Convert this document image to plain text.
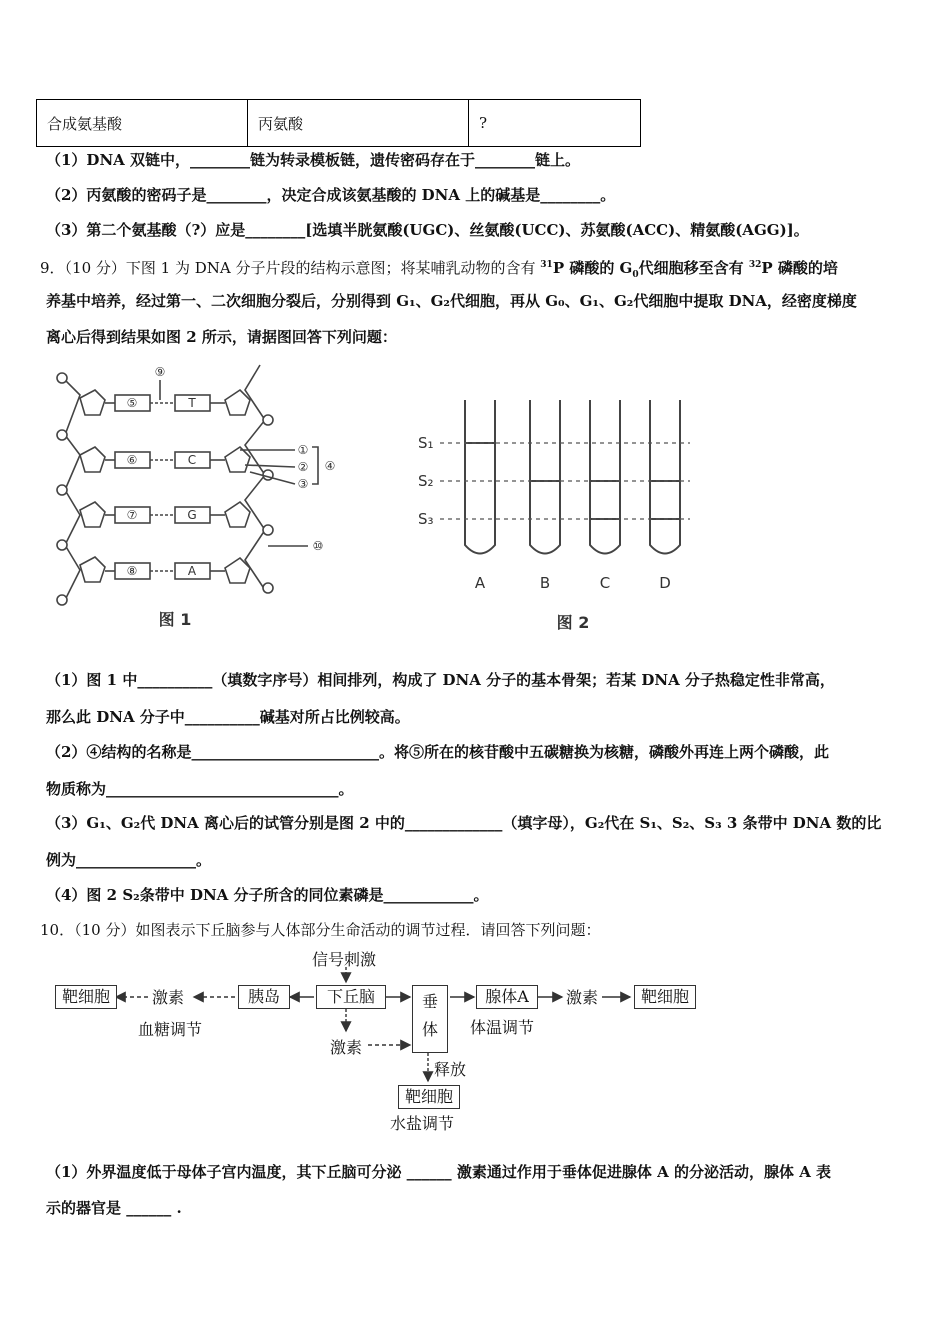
合成氨基酸	丙氨酸	?
（1）DNA 双链中，________链为转录模板链，遗传密码存在于________链上。
（2）丙氨酸的密码子是________，决定合成该氨基酸的 DNA 上的碱基是________。
（3）第二个氨基酸（?）应是________[选填半胱氨酸(UGC)、丝氨酸(UCC)、苏氨酸(ACC)、精氨酸(AGG)]。
9．（10 分）下图 1 为 DNA 分子片段的结构示意图；将某哺乳动物的含有 $^{31}$P 磷酸的 $G_0$代细胞移至含有 $^{32}$P 磷酸的培
养基中培养，经过第一、二次细胞分裂后，分别得到 G₁、G₂代细胞，再从 G₀、G₁、G₂代细胞中提取 DNA，经密度梯度
离心后得到结果如图 2 所示，请据图回答下列问题：
⑤	T
⑥	C
⑦	G
⑧	A
⑨
①
②
③
④
⑩
图 1
S₁
S₂
S₃
A	B	C	D
图 2
（1）图 1 中__________（填数字序号）相间排列，构成了 DNA 分子的基本骨架；若某 DNA 分子热稳定性非常高，
那么此 DNA 分子中__________碱基对所占比例较高。
（2）④结构的名称是_________________________。将⑤所在的核苷酸中五碳糖换为核糖，磷酸外再连上两个磷酸，此
物质称为_______________________________。
（3）G₁、G₂代 DNA 离心后的试管分别是图 2 中的_____________（填字母），G₂代在 S₁、S₂、S₃ 3 条带中 DNA 数的比
例为________________。
（4）图 2 S₂条带中 DNA 分子所含的同位素磷是____________。
10．（10 分）如图表示下丘脑参与人体部分生命活动的调节过程．请回答下列问题：
信号刺激
靶细胞	激素	胰岛	下丘脑	垂
体
腺体A	激素	靶细胞
激素
释放
靶细胞
血糖调节	体温调节
水盐调节
（1）外界温度低于母体子宫内温度，其下丘脑可分泌 ______ 激素通过作用于垂体促进腺体 A 的分泌活动，腺体 A 表
示的器官是 ______ .
